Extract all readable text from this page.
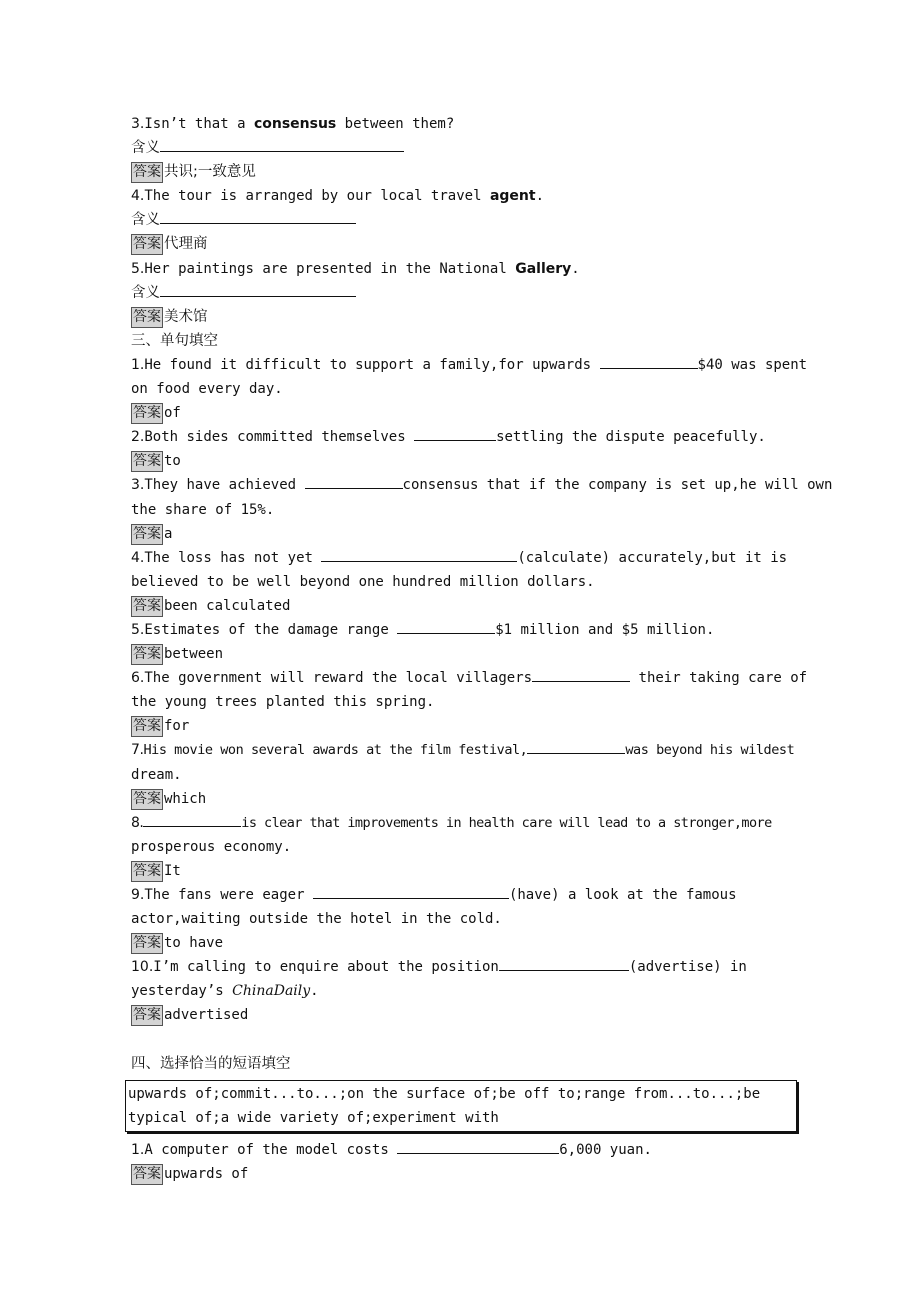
3.Isn’t that a consensus between them?
含义
答案 共识;一致意见
4.The tour is arranged by our local travel agent.
含义
答案 代理商
5.Her paintings are presented in the National Gallery.
含义
答案 美术馆
三、单句填空
1.He found it difficult to support a family,for upwards	$40 was spent
on food every day.
答案 of
2.Both sides committed themselves	settling the dispute peacefully.
答案 to
3.They have achieved	consensus that if the company is set up,he will own
the share of 15%.
答案 a
4.The loss has not yet	(calculate) accurately,but it is
believed to be well beyond one hundred million dollars.
答案 been calculated
5.Estimates of the damage range	$1 million and $5 million.
答案 between
6.The government will reward the local villagers	their taking care of
the young trees planted this spring.
答案 for
7.His movie won several awards at the film festival,	was beyond his wildest
dream.
答案 which
8.	is clear that improvements in health care will lead to a stronger,more
prosperous economy.
答案 It
9.The fans were eager	(have) a look at the famous
actor,waiting outside the hotel in the cold.
答案 to have
10.I’m calling to enquire about the position	(advertise) in
yesterday’s ChinaDaily.
答案 advertised
四、选择恰当的短语填空
upwards of;commit...to...;on the surface of;be off to;range from...to...;be typical of;a wide variety of;experiment with
1.A computer of the model costs	6,000 yuan.
答案 upwards of
